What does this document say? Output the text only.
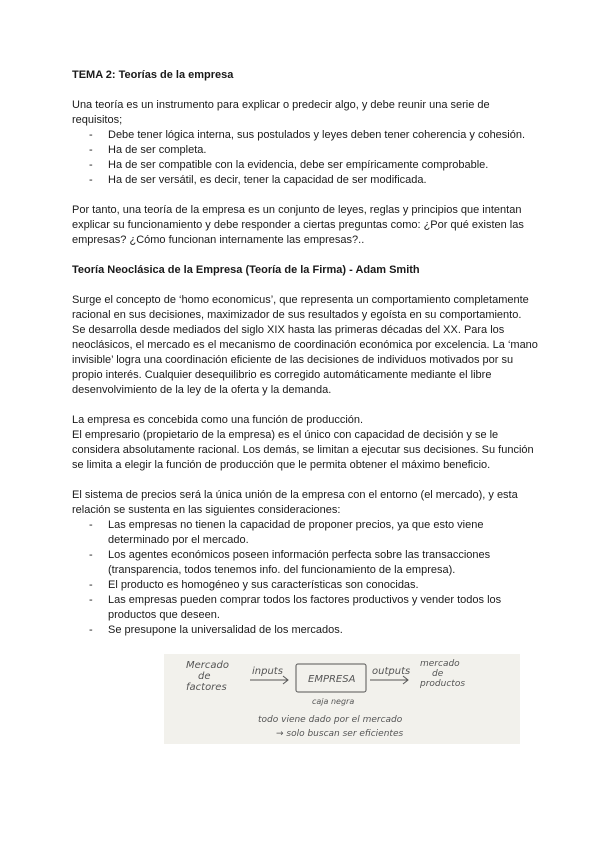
TEMA 2: Teorías de la empresa

Una teoría es un instrumento para explicar o predecir algo, y debe reunir una serie de requisitos;

- Debe tener lógica interna, sus postulados y leyes deben tener coherencia y cohesión.
- Ha de ser completa.
- Ha de ser compatible con la evidencia, debe ser empíricamente comprobable.
- Ha de ser versátil, es decir, tener la capacidad de ser modificada.

Por tanto, una teoría de la empresa es un conjunto de leyes, reglas y principios que intentan explicar su funcionamiento y debe responder a ciertas preguntas como: ¿Por qué existen las empresas? ¿Cómo funcionan internamente las empresas?..

Teoría Neoclásica de la Empresa (Teoría de la Firma) - Adam Smith

Surge el concepto de ‘homo economicus’, que representa un comportamiento completamente racional en sus decisiones, maximizador de sus resultados y egoísta en su comportamiento.

Se desarrolla desde mediados del siglo XIX hasta las primeras décadas del XX. Para los neoclásicos, el mercado es el mecanismo de coordinación económica por excelencia. La ‘mano invisible’ logra una coordinación eficiente de las decisiones de individuos motivados por su propio interés. Cualquier desequilibrio es corregido automáticamente mediante el libre desenvolvimiento de la ley de la oferta y la demanda.

La empresa es concebida como una función de producción.

El empresario (propietario de la empresa) es el único con capacidad de decisión y se le considera absolutamente racional. Los demás, se limitan a ejecutar sus decisiones. Su función se limita a elegir la función de producción que le permita obtener el máximo beneficio.

El sistema de precios será la única unión de la empresa con el entorno (el mercado), y esta relación se sustenta en las siguientes consideraciones:

- Las empresas no tienen la capacidad de proponer precios, ya que esto viene determinado por el mercado.
- Los agentes económicos poseen información perfecta sobre las transacciones (transparencia, todos tenemos info. del funcionamiento de la empresa).
- El producto es homogéneo y sus características son conocidas.
- Las empresas pueden comprar todos los factores productivos y vender todos los productos que deseen.
- Se presupone la universalidad de los mercados.
Mercado
de
factores
inputs
EMPRESA
caja negra
outputs
mercado
de
productos
todo viene dado por el mercado
→ solo buscan ser eficientes
